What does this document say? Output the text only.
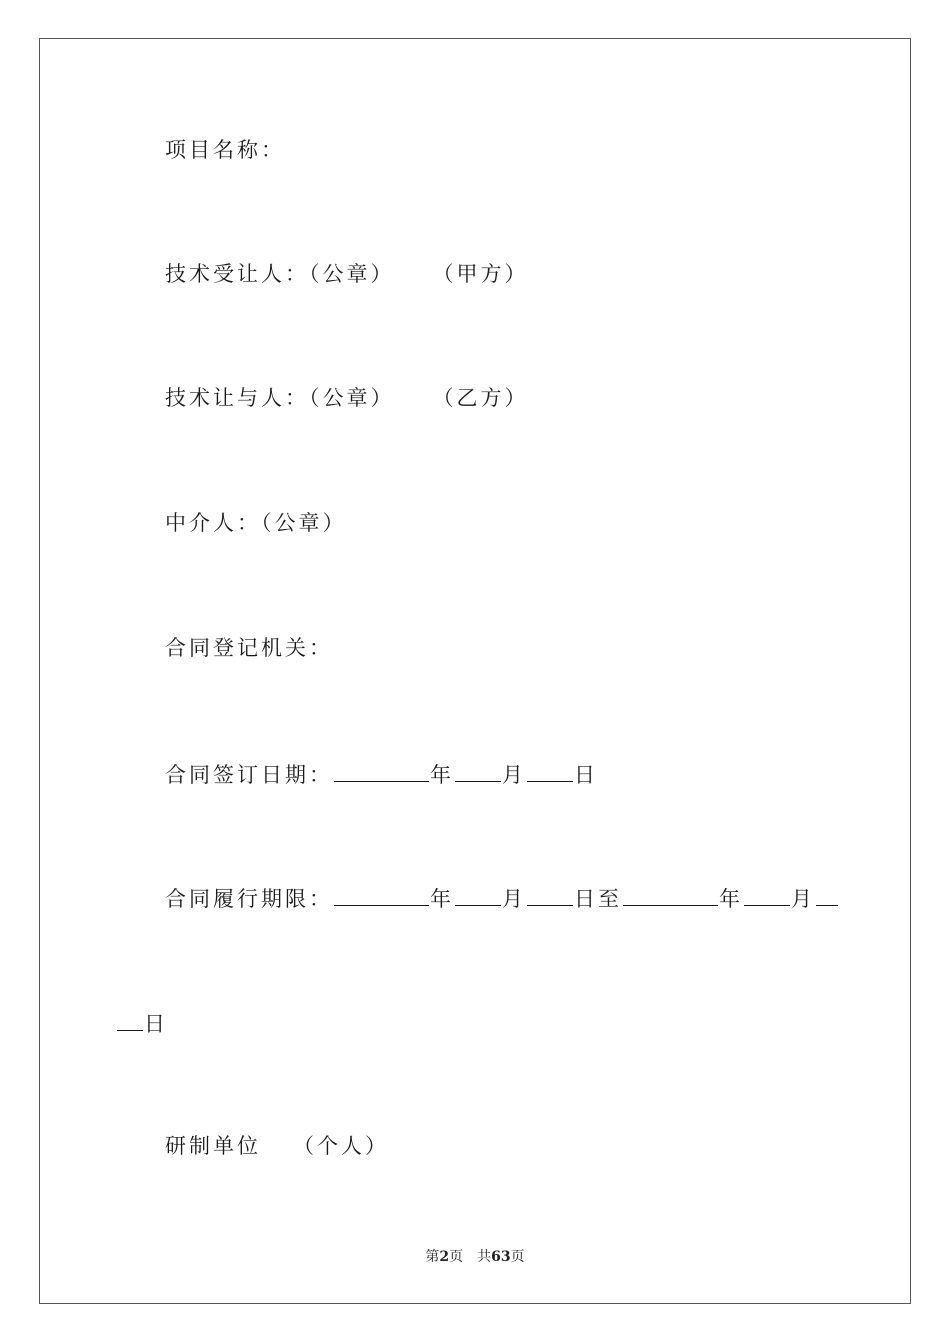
项目名称：
技术受让人：（公章） （甲方）
技术让与人：（公章） （乙方）
中介人：（公章）
合同登记机关：
合同签订日期：	年 月 日
合同履行期限：	年 月 日至	年 月
日
研制单位 （个人）
第2页 共63页
